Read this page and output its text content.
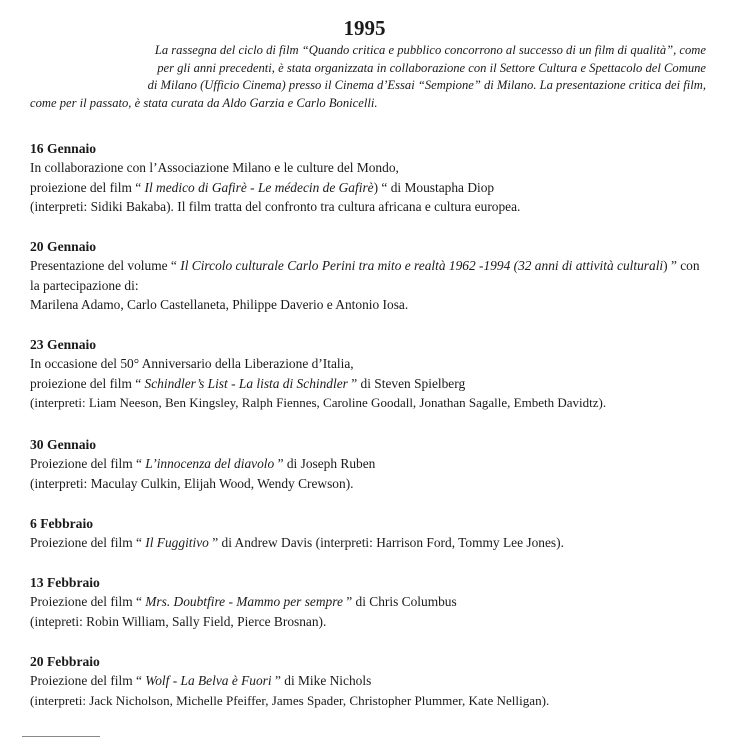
1995
La rassegna del ciclo di film “Quando critica e pubblico concorrono al successo di un film di qualità”, come
per gli anni precedenti, è stata organizzata in collaborazione con il Settore Cultura e Spettacolo del Comune
di Milano (Ufficio Cinema) presso il Cinema d’Essai “Sempione” di Milano. La presentazione critica dei film,
come per il passato, è stata curata da Aldo Garzia e Carlo Bonicelli.
16 Gennaio
In collaborazione con l’Associazione Milano e le culture del Mondo,
proiezione del film “ Il medico di Gafirè - Le médecin de Gafirè) “ di Moustapha Diop
(interpreti: Sidiki Bakaba). Il film tratta del confronto tra cultura africana e cultura europea.
20 Gennaio
Presentazione del volume “ Il Circolo culturale Carlo Perini tra mito e realtà 1962 -1994 (32 anni di attività culturali) ” con la partecipazione di:
Marilena Adamo, Carlo Castellaneta, Philippe Daverio e Antonio Iosa.
23 Gennaio
In occasione del 50° Anniversario della Liberazione d’Italia,
proiezione del film “ Schindler’s List - La lista di Schindler ” di Steven Spielberg
(interpreti: Liam Neeson, Ben Kingsley, Ralph Fiennes, Caroline Goodall, Jonathan Sagalle, Embeth Davidtz).
30 Gennaio
Proiezione del film “ L’innocenza del diavolo ” di Joseph Ruben
(interpreti: Maculay Culkin, Elijah Wood, Wendy Crewson).
6 Febbraio
Proiezione del film “ Il Fuggitivo ” di Andrew Davis (interpreti: Harrison Ford, Tommy Lee Jones).
13 Febbraio
Proiezione del film “ Mrs. Doubtfire - Mammo per sempre ” di Chris Columbus
(intepreti: Robin William, Sally Field, Pierce Brosnan).
20 Febbraio
Proiezione del film “ Wolf - La Belva è Fuori ” di Mike Nichols
(interpreti: Jack Nicholson, Michelle Pfeiffer, James Spader, Christopher Plummer, Kate Nelligan).
